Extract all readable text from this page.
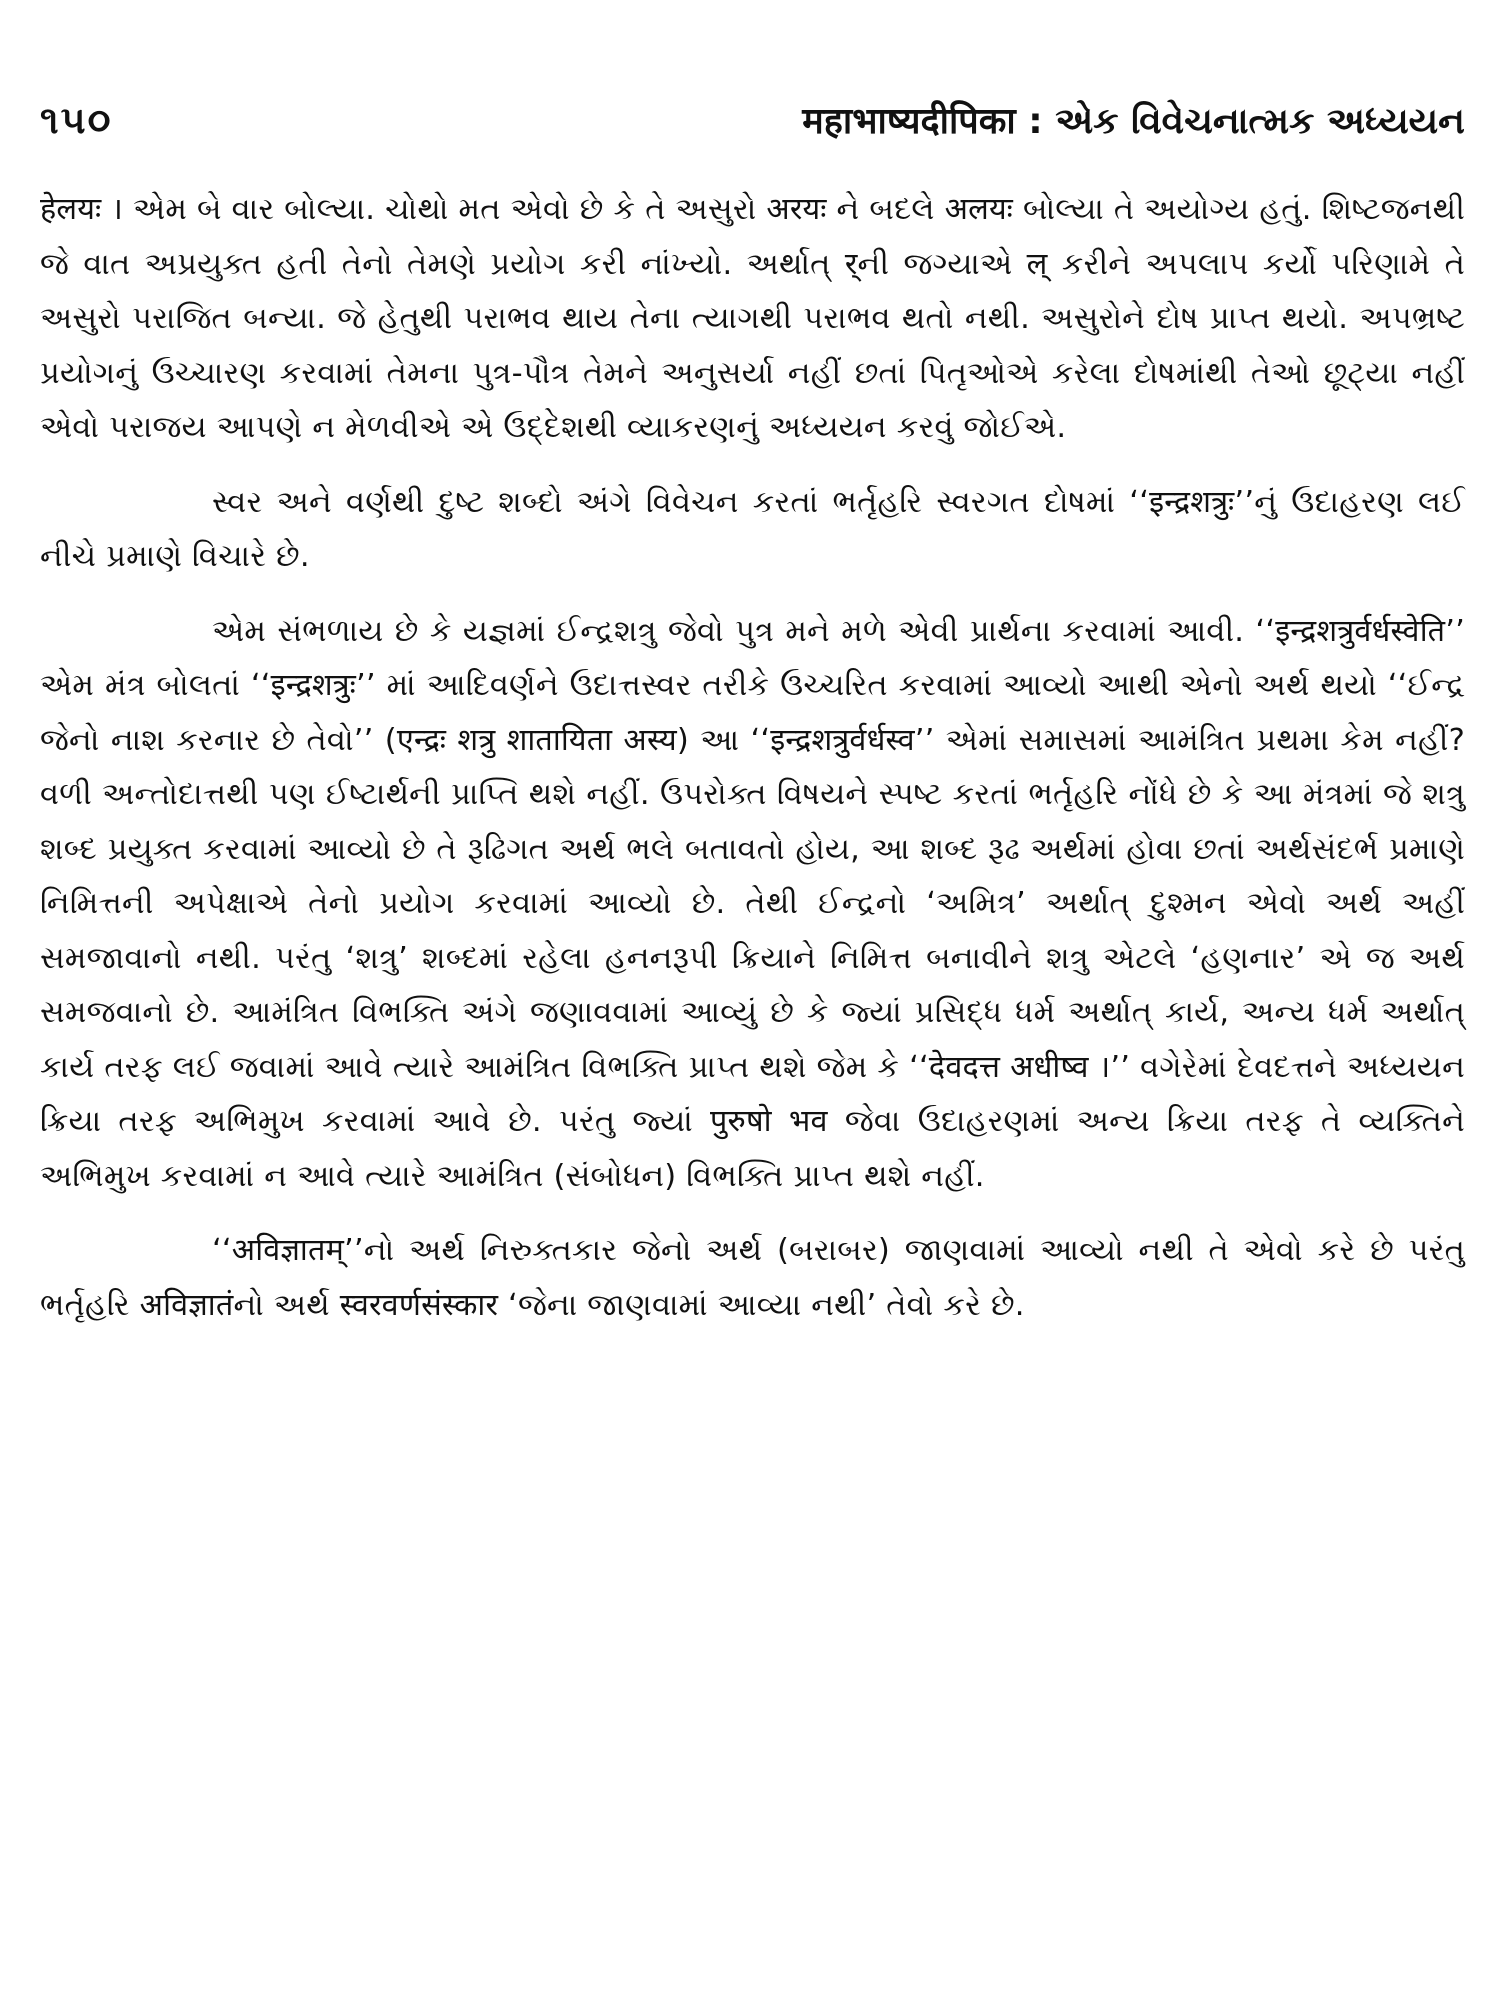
૧૫૦	महाभाष्यदीपिका : એક વિવેચનાત્મક અધ્યયન

हेलयः । એમ બે વાર બોલ્યા. ચોથો મત એવો છે કે તે અસુરો अरयः ને બદલે अलयः બોલ્યા તે અયોગ્ય હતું. શિષ્ટજનથી જે વાત અપ્રયુક્ત હતી તેનો તેમણે પ્રયોગ કરી નાંખ્યો. અર્થાત્ र्‌ની જગ્યાએ ल्‌ કરીને અપલાપ કર્યો પરિણામે તે અસુરો પરાજિત બન્યા. જે હેતુથી પરાભવ થાય તેના ત્યાગથી પરાભવ થતો નથી. અસુરોને દોષ પ્રાપ્ત થયો. અપભ્રષ્ટ પ્રયોગનું ઉચ્ચારણ કરવામાં તેમના પુત્ર-પૌત્ર તેમને અનુસર્યા નહીં છતાં પિતૃઓએ કરેલા દોષમાંથી તેઓ છૂટ્યા નહીં એવો પરાજય આપણે ન મેળવીએ એ ઉદ્દેશથી વ્યાકરણનું અધ્યયન કરવું જોઈએ.

સ્વર અને વર્ણથી દુષ્ટ શબ્દો અંગે વિવેચન કરતાં ભર્તૃહરિ સ્વરગત દોષમાં ‘‘इन्द्रशत्रुः’’નું ઉદાહરણ લઈ નીચે પ્રમાણે વિચારે છે.

એમ સંભળાય છે કે યજ્ઞમાં ઈન્દ્રશત્રુ જેવો પુત્ર મને મળે એવી પ્રાર્થના કરવામાં આવી. ‘‘इन्द्रशत्रुर्वर्धस्वेति’’ એમ મંત્ર બોલતાં ‘‘इन्द्रशत्रुः’’ માં આદિવર્ણને ઉદાત્તસ્વર તરીકે ઉચ્ચરિત કરવામાં આવ્યો આથી એનો અર્થ થયો ‘‘ઈન્દ્ર જેનો નાશ કરનાર છે તેવો’’ (एन्द्रः शत्रु शातायिता अस्य) આ ‘‘इन्द्रशत्रुर्वर्धस्व’’ એમાં સમાસમાં આમંત્રિત પ્રથમા કેમ નહીં? વળી અન્તોદાત્તથી પણ ઈષ્ટાર્થની પ્રાપ્તિ થશે નહીં. ઉપરોક્ત વિષયને સ્પષ્ટ કરતાં ભર્તૃહરિ નોંધે છે કે આ મંત્રમાં જે શત્રુ શબ્દ પ્રયુક્ત કરવામાં આવ્યો છે તે રૂઢિગત અર્થ ભલે બતાવતો હોય, આ શબ્દ રૂઢ અર્થમાં હોવા છતાં અર્થસંદર્ભ પ્રમાણે નિમિત્તની અપેક્ષાએ તેનો પ્રયોગ કરવામાં આવ્યો છે. તેથી ઈન્દ્રનો ‘અમિત્ર’ અર્થાત્ દુશ્મન એવો અર્થ અહીં સમજાવાનો નથી. પરંતુ ‘શત્રુ’ શબ્દમાં રહેલા હનનરૂપી ક્રિયાને નિમિત્ત બનાવીને શત્રુ એટલે ‘હણનાર’ એ જ અર્થ સમજવાનો છે. આમંત્રિત વિભક્તિ અંગે જણાવવામાં આવ્યું છે કે જ્યાં પ્રસિદ્ધ ધર્મ અર્થાત્ કાર્ય, અન્ય ધર્મ અર્થાત્ કાર્ય તરફ લઈ જવામાં આવે ત્યારે આમંત્રિત વિભક્તિ પ્રાપ્ત થશે જેમ કે ‘‘देवदत्त अधीष्व ।’’ વગેરેમાં દેવદત્તને અધ્યયન ક્રિયા તરફ અભિમુખ કરવામાં આવે છે. પરંતુ જ્યાં पुरुषो भव જેવા ઉદાહરણમાં અન્ય ક્રિયા તરફ તે વ્યક્તિને અભિમુખ કરવામાં ન આવે ત્યારે આમંત્રિત (સંબોધન) વિભક્તિ પ્રાપ્ત થશે નહીં.

‘‘अविज्ञातम्’’નો અર્થ નિરુક્તકાર જેનો અર્થ (બરાબર) જાણવામાં આવ્યો નથી તે એવો કરે છે પરંતુ ભર્તૃહરિ अविज्ञातंનો અર્થ स्वरवर्णसंस्कार ‘જેના જાણવામાં આવ્યા નથી’ તેવો કરે છે.
